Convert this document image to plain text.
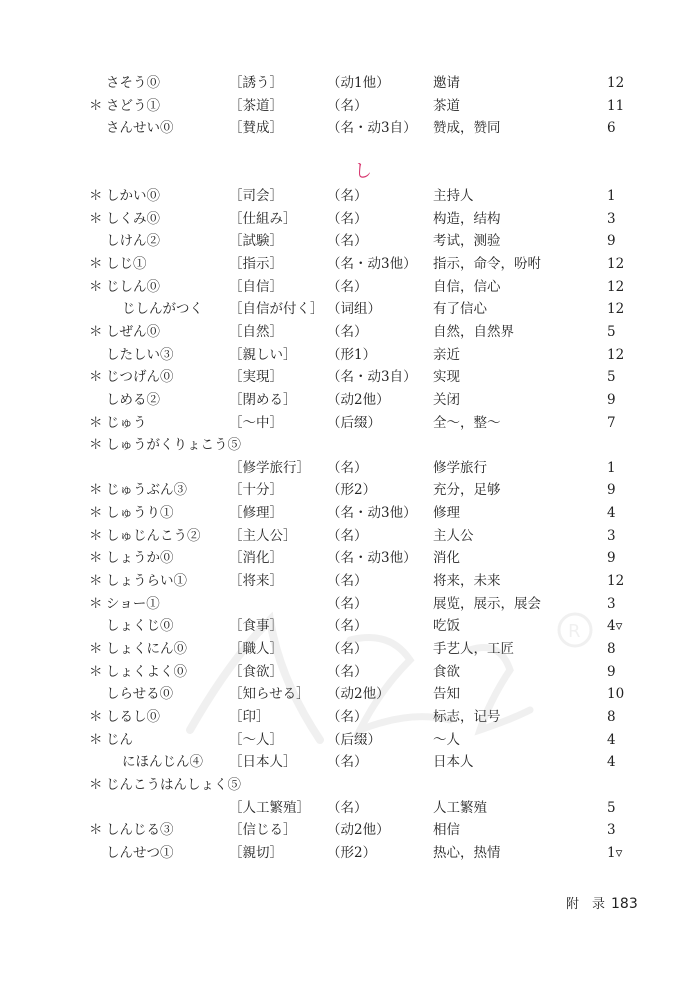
さそう⓪	［誘う］	（动1他）	邀请	12
＊ さどう①	［茶道］	（名）	茶道	11
さんせい⓪	［賛成］	（名・动3自） 赞成，赞同	6
し
＊ しかい⓪	［司会］	（名）	主持人	1
＊ しくみ⓪	［仕組み］ （名）	构造，结构	3
しけん②	［試験］	（名）	考试，测验	9
＊ しじ①	［指示］	（名・动3他） 指示，命令，吩咐	12
＊ じしん⓪	［自信］	（名）	自信，信心	12
じしんがつく ［自信が付く］ （词组）	有了信心	12
＊ しぜん⓪	［自然］	（名）	自然，自然界	5
したしい③	［親しい］ （形1）	亲近	12
＊ じつげん⓪	［実現］	（名・动3自） 实现	5
しめる②	［閉める］ （动2他）	关闭	9
＊ じゅう	［～中］	（后缀）	全～，整～	7
＊ しゅうがくりょこう⑤
［修学旅行］ （名）	修学旅行	1
＊ じゅうぶん③	［十分］	（形2）	充分，足够	9
＊ しゅうり①	［修理］	（名・动3他） 修理	4
＊ しゅじんこう② ［主人公］ （名）	主人公	3
＊ しょうか⓪	［消化］	（名・动3他） 消化	9
＊ しょうらい①	［将来］	（名）	将来，未来	12
＊ ショー①	（名）	展览，展示，展会	3
しょくじ⓪	［食事］	（名）	吃饭	4▿
＊ しょくにん⓪	［職人］	（名）	手艺人，工匠	8
＊ しょくよく⓪	［食欲］	（名）	食欲	9
しらせる⓪	［知らせる］ （动2他）	告知	10
＊ しるし⓪	［印］	（名）	标志，记号	8
＊ じん	［～人］	（后缀）	～人	4
にほんじん④ ［日本人］ （名）	日本人	4
＊ じんこうはんしょく⑤
［人工繁殖］ （名）	人工繁殖	5
＊ しんじる③	［信じる］ （动2他）	相信	3
しんせつ①	［親切］	（形2）	热心，热情	1▿
R
附　录 183
